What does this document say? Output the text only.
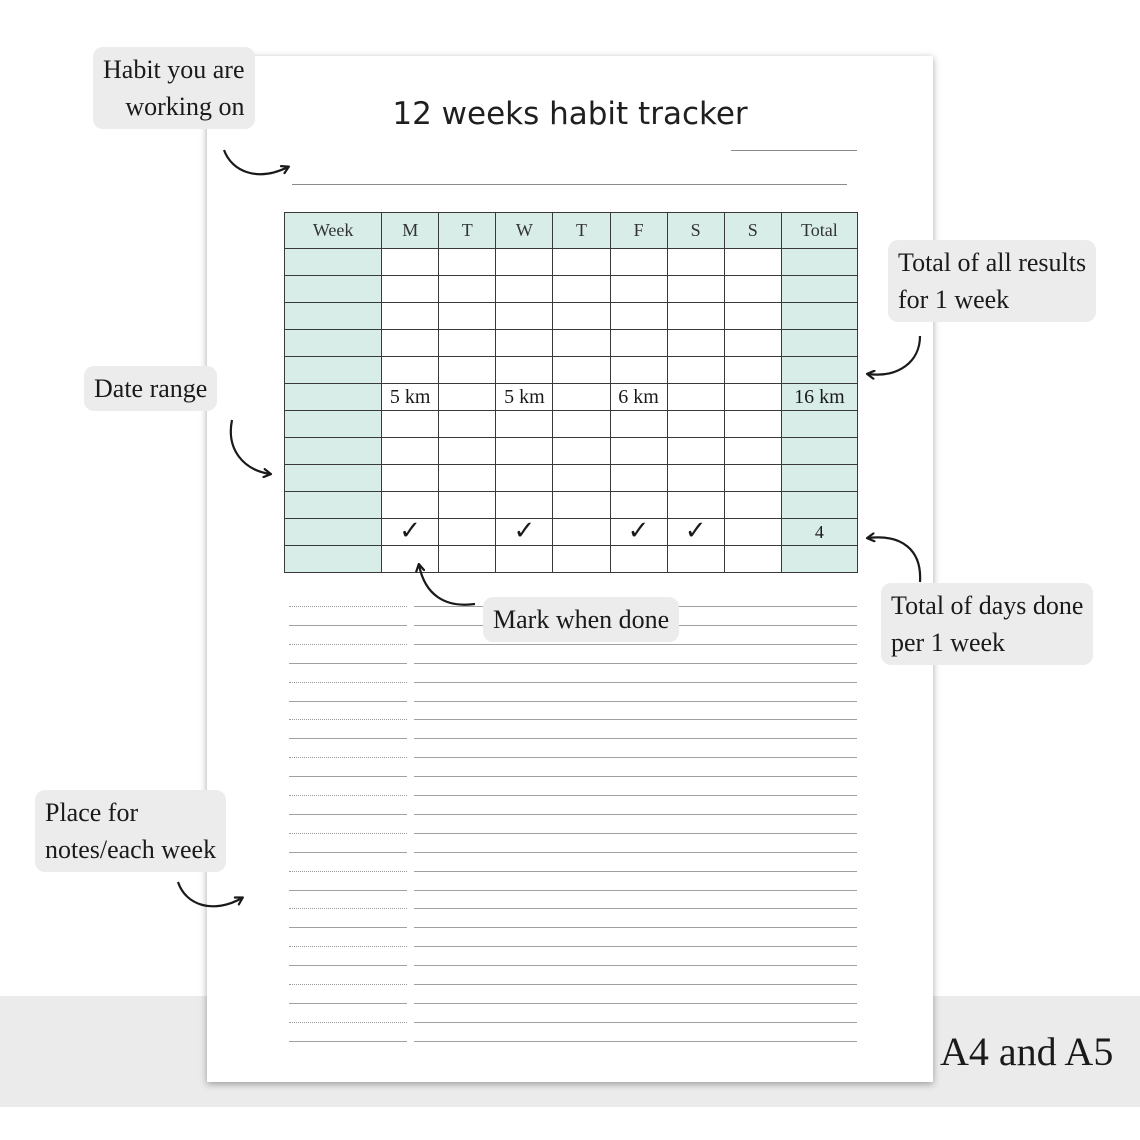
12 weeks habit tracker
Week	M	T	W	T	F	S	S	Total

	5 km		5 km		6 km			16 km

	✓		✓		✓	✓		4

Habit you are
working on
Total of all results
for 1 week
Date range
Mark when done	Total of days done
per 1 week
Place for
notes/each week
A4 and A5
